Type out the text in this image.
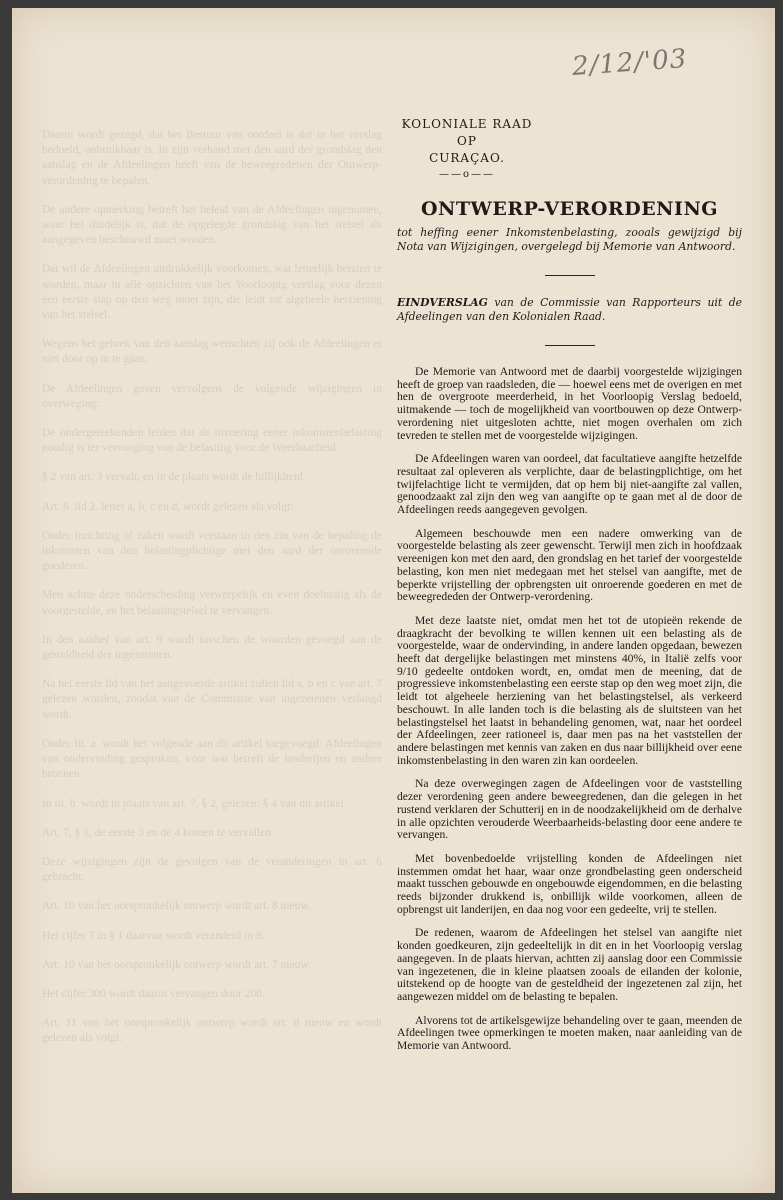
Daarin wordt gezegd, dat het Bestuur van oordeel is dat in het verslag bedoeld, onbruikbaar is. In zijn verband met den aard der grondslag den aanslag en de Afdeelingen heeft van de beweegredenen der Ontwerp-verordening te bepalen.

De andere opmerking betreft het beleid van de Afdeelingen ingenomen, waar het duidelijk is, dat de opgelegde grondslag van het stelsel als aangegeven beschouwd moet worden.

Dat wil de Afdeelingen uitdrukkelijk voorkomen, wat letterlijk herzien te worden, maar in alle opzichten van het Voorloopig verslag voor dezen een eerste stap op den weg moet zijn, die leidt tot algeheele herziening van het stelsel.

Wegens het gebrek van den aanslag wenschten zij ook de Afdeelingen er niet door op in te gaan.

De Afdeelingen gaven vervolgens de volgende wijzigingen in overweging:

De ondergeteekenden leiden dat de invoering eener inkomstenbelasting noodig is ter vervanging van de belasting voor de Weerbaarheid.

§ 2 van art. 3 vervalt, en in de plaats wordt de billijkheid.

Art. 6. lid 2. letter a, b, c en d, wordt gelezen als volgt:

Onder inrichting of zaken wordt verstaan in den zin van de bepaling de inkomsten van den belastingplichtige met den aard der onroerende goederen.

Men achtte deze onderscheiding verwerpelijk en even doelmatig als de voorgestelde, en het belastingstelsel te vervangen.

In den aanhef van art. 9 wordt tusschen de woorden gevoegd aan de gesteldheid der ingezetenen.

Na het eerste lid van het aangevoerde artikel zullen lid a, b en c van art. 7 gelezen worden, zoodat van de Commissie van ingezetenen verlangd wordt.

Onder lit. a. wordt het volgende aan dit artikel toegevoegd: Afdeelingen van ondervinding gesproken, voor wat betreft de landerijen en andere bronnen.

In lit. b. wordt in plaats van art. 7, § 2, gelezen: § 4 van dit artikel.

Art. 7, § 1, de eerste 3 en de 4 komen te vervallen.

Deze wijzigingen zijn de gevolgen van de veranderingen in art. 6 gebracht.

Art. 10 van het oorspronkelijk ontwerp wordt art. 8 nieuw.

Het cijfer 7 in § 1 daarvan wordt veranderd in 8.

Art. 10 van het oorspronkelijk ontwerp wordt art. 7 nieuw.

Het cijfer 300 wordt daarin vervangen door 200.

Art. 11 van het oorspronkelijk ontwerp wordt art. 8 nieuw en wordt gelezen als volgt.

2/12/'03
KOLONIALE RAAD
OP
CURAÇAO.
——o——
ONTWERP-VERORDENING

tot heffing eener Inkomstenbelasting, zooals gewijzigd bij Nota van Wijzigingen, overgelegd bij Memorie van Antwoord.

EINDVERSLAG van de Commissie van Rapporteurs uit de Afdeelingen van den Kolonialen Raad.

De Memorie van Antwoord met de daarbij voorgestelde wijzigingen heeft de groep van raadsleden, die — hoewel eens met de overigen en met hen de overgroote meerderheid, in het Voorloopig Verslag bedoeld, uitmakende — toch de mogelijkheid van voortbouwen op deze Ontwerp-verordening niet uitgesloten achtte, niet mogen overhalen om zich tevreden te stellen met de voorgestelde wijzigingen.

De Afdeelingen waren van oordeel, dat facultatieve aangifte hetzelfde resultaat zal opleveren als verplichte, daar de belastingplichtige, om het twijfelachtige licht te vermijden, dat op hem bij niet-aangifte zal vallen, genoodzaakt zal zijn den weg van aangifte op te gaan met al de door de Afdeelingen reeds aangegeven gevolgen.

Algemeen beschouwde men een nadere omwerking van de voorgestelde belasting als zeer gewenscht. Terwijl men zich in hoofdzaak vereenigen kon met den aard, den grondslag en het tarief der voorgestelde belasting, kon men niet medegaan met het stelsel van aangifte, met de beperkte vrijstelling der opbrengsten uit onroerende goederen en met de beweegrededen der Ontwerp-verordening.

Met deze laatste niet, omdat men het tot de utopieën rekende de draagkracht der bevolking te willen kennen uit een belasting als de voorgestelde, waar de ondervinding, in andere landen opgedaan, bewezen heeft dat dergelijke belastingen met minstens 40%, in Italië zelfs voor 9/10 gedeelte ontdoken wordt, en, omdat men de meening, dat de progressieve inkomstenbelasting een eerste stap op den weg moet zijn, die leidt tot algeheele herziening van het belastingstelsel, als verkeerd beschouwt. In alle landen toch is die belasting als de sluitsteen van het belastingstelsel het laatst in behandeling genomen, wat, naar het oordeel der Afdeelingen, zeer rationeel is, daar men pas na het vaststellen der andere belastingen met kennis van zaken en dus naar billijkheid over eene inkomstenbelasting in den waren zin kan oordeelen.

Na deze overwegingen zagen de Afdeelingen voor de vaststelling dezer verordening geen andere beweegredenen, dan die gelegen in het rustend verklaren der Schutterij en in de noodzakelijkheid om de derhalve in alle opzichten verouderde Weerbaarheids-belasting door eene andere te vervangen.

Met bovenbedoelde vrijstelling konden de Afdeelingen niet instemmen omdat het haar, waar onze grondbelasting geen onderscheid maakt tusschen gebouwde en ongebouwde eigendommen, en die belasting reeds bijzonder drukkend is, onbillijk wilde voorkomen, alleen de opbrengst uit landerijen, en daa nog voor een gedeelte, vrij te stellen.

De redenen, waarom de Afdeelingen het stelsel van aangifte niet konden goedkeuren, zijn gedeeltelijk in dit en in het Voorloopig verslag aangegeven. In de plaats hiervan, achtten zij aanslag door een Commissie van ingezetenen, die in kleine plaatsen zooals de eilanden der kolonie, uitstekend op de hoogte van de gesteldheid der ingezetenen zal zijn, het aangewezen middel om de belasting te bepalen.

Alvorens tot de artikelsgewijze behandeling over te gaan, meenden de Afdeelingen twee opmerkingen te moeten maken, naar aanleiding van de Memorie van Antwoord.
